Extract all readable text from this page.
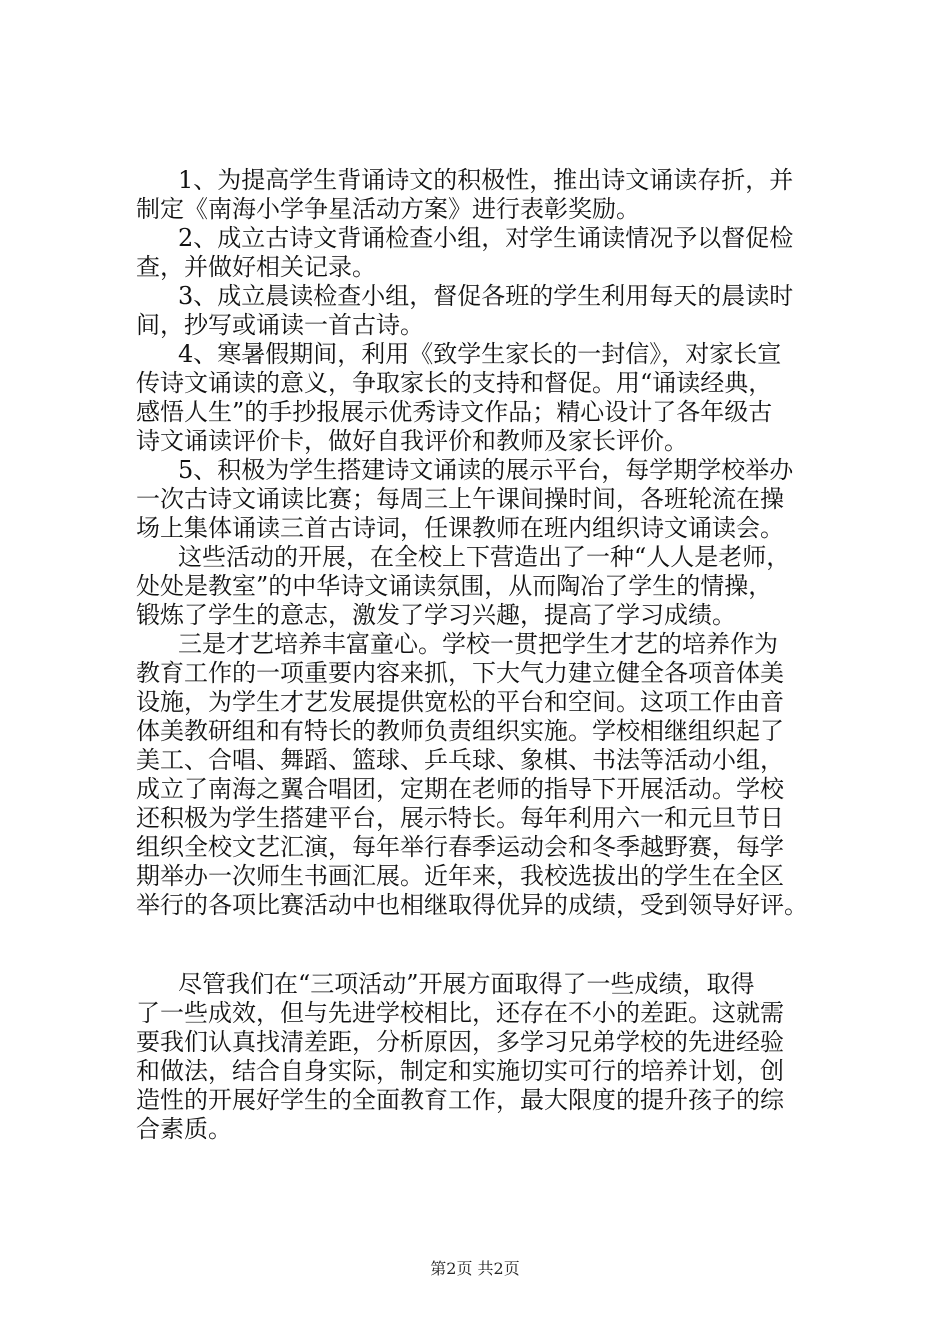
1、为提高学生背诵诗文的积极性，推出诗文诵读存折，并
制定《南海小学争星活动方案》进行表彰奖励。
2、成立古诗文背诵检查小组，对学生诵读情况予以督促检
查，并做好相关记录。
3、成立晨读检查小组，督促各班的学生利用每天的晨读时
间，抄写或诵读一首古诗。
4、寒暑假期间，利用《致学生家长的一封信》，对家长宣
传诗文诵读的意义，争取家长的支持和督促。用“诵读经典，
感悟人生”的手抄报展示优秀诗文作品；精心设计了各年级古
诗文诵读评价卡，做好自我评价和教师及家长评价。
5、积极为学生搭建诗文诵读的展示平台，每学期学校举办
一次古诗文诵读比赛；每周三上午课间操时间，各班轮流在操
场上集体诵读三首古诗词，任课教师在班内组织诗文诵读会。
这些活动的开展，在全校上下营造出了一种“人人是老师，
处处是教室”的中华诗文诵读氛围，从而陶冶了学生的情操，
锻炼了学生的意志，激发了学习兴趣，提高了学习成绩。
三是才艺培养丰富童心。学校一贯把学生才艺的培养作为
教育工作的一项重要内容来抓，下大气力建立健全各项音体美
设施，为学生才艺发展提供宽松的平台和空间。这项工作由音
体美教研组和有特长的教师负责组织实施。学校相继组织起了
美工、合唱、舞蹈、篮球、乒乓球、象棋、书法等活动小组，
成立了南海之翼合唱团，定期在老师的指导下开展活动。学校
还积极为学生搭建平台，展示特长。每年利用六一和元旦节日
组织全校文艺汇演，每年举行春季运动会和冬季越野赛，每学
期举办一次师生书画汇展。近年来，我校选拔出的学生在全区
举行的各项比赛活动中也相继取得优异的成绩，受到领导好评。
尽管我们在“三项活动”开展方面取得了一些成绩，取得
了一些成效，但与先进学校相比，还存在不小的差距。这就需
要我们认真找清差距，分析原因，多学习兄弟学校的先进经验
和做法，结合自身实际，制定和实施切实可行的培养计划，创
造性的开展好学生的全面教育工作，最大限度的提升孩子的综
合素质。
第2页 共2页
